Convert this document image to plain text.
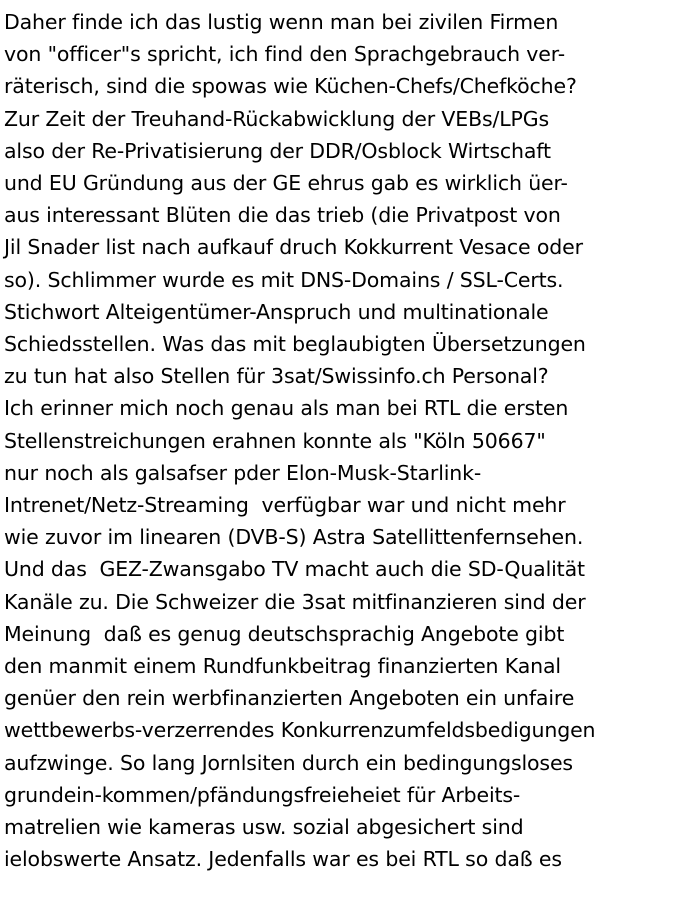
Daher finde ich das lustig wenn man bei zivilen Firmen
von "officer"s spricht, ich find den Sprachgebrauch ver-
räterisch, sind die spowas wie Küchen-Chefs/Chefköche?
Zur Zeit der Treuhand-Rückabwicklung der VEBs/LPGs
also der Re-Privatisierung der DDR/Osblock Wirtschaft
und EU Gründung aus der GE ehrus gab es wirklich üer-
aus interessant Blüten die das trieb (die Privatpost von
Jil Snader list nach aufkauf druch Kokkurrent Vesace oder
so). Schlimmer wurde es mit DNS-Domains / SSL-Certs.
Stichwort Alteigentümer-Anspruch und multinationale
Schiedsstellen. Was das mit beglaubigten Übersetzungen
zu tun hat also Stellen für 3sat/Swissinfo.ch Personal?
Ich erinner mich noch genau als man bei RTL die ersten
Stellenstreichungen erahnen konnte als "Köln 50667"
nur noch als galsafser pder Elon-Musk-Starlink-
Intrenet/Netz-Streaming  verfügbar war und nicht mehr
wie zuvor im linearen (DVB-S) Astra Satellittenfernsehen.
Und das  GEZ-Zwansgabo TV macht auch die SD-Qualität
Kanäle zu. Die Schweizer die 3sat mitfinanzieren sind der
Meinung  daß es genug deutschsprachig Angebote gibt
den manmit einem Rundfunkbeitrag finanzierten Kanal
genüer den rein werbfinanzierten Angeboten ein unfaire
wettbewerbs-verzerrendes Konkurrenzumfeldsbedigungen
aufzwinge. So lang Jornlsiten durch ein bedingungsloses
grundein-kommen/pfändungsfreieheiet für Arbeits-
matrelien wie kameras usw. sozial abgesichert sind
ielobswerte Ansatz. Jedenfalls war es bei RTL so daß es
